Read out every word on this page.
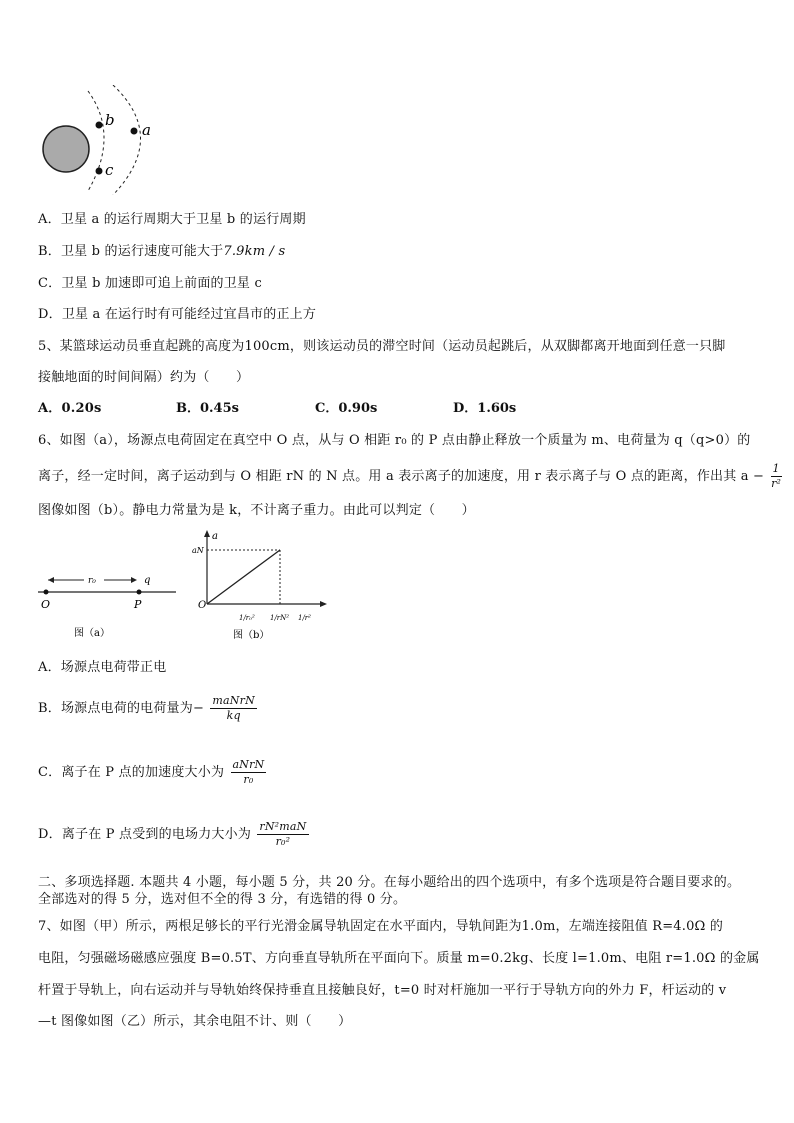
b
c
a
A．卫星 a 的运行周期大于卫星 b 的运行周期
B．卫星 b 的运行速度可能大于7.9km / s
C．卫星 b 加速即可追上前面的卫星 c
D．卫星 a 在运行时有可能经过宜昌市的正上方
5、某篮球运动员垂直起跳的高度为100cm，则该运动员的滞空时间（运动员起跳后，从双脚都离开地面到任意一只脚
接触地面的时间间隔）约为（　　）
A．0.20s	B．0.45s	C．0.90s	D．1.60s
6、如图（a），场源点电荷固定在真空中 O 点，从与 O 相距 r₀ 的 P 点由静止释放一个质量为 m、电荷量为 q（q>0）的
离子，经一定时间，离子运动到与 O 相距 rN 的 N 点。用 a 表示离子的加速度，用 r 表示离子与 O 点的距离，作出其 $a - \frac{1}{\text{r²}}$
图像如图（b）。静电力常量为是 k，不计离子重力。由此可以判定（　　）
r₀	q
O	P
图（a）
a
aN
O
1/r₀² 1/rN² 1/r²
图（b）
A．场源点电荷带正电
B．场源点电荷的电荷量为− $\frac{\text{maNrN}}{kq}$
C．离子在 P 点的加速度大小为 $\frac{\text{aNrN}}{\text{r₀}}$
D．离子在 P 点受到的电场力大小为 $\frac{\text{rN²maN}}{\text{r₀²}}$
二、多项选择题. 本题共 4 小题，每小题 5 分，共 20 分。在每小题给出的四个选项中，有多个选项是符合题目要求的。
全部选对的得 5 分，选对但不全的得 3 分，有选错的得 0 分。
7、如图（甲）所示，两根足够长的平行光滑金属导轨固定在水平面内，导轨间距为1.0m，左端连接阻值 R=4.0Ω 的
电阻，匀强磁场磁感应强度 B=0.5T、方向垂直导轨所在平面向下。质量 m=0.2kg、长度 l=1.0m、电阻 r=1.0Ω 的金属
杆置于导轨上，向右运动并与导轨始终保持垂直且接触良好，t=0 时对杆施加一平行于导轨方向的外力 F，杆运动的 v
—t 图像如图（乙）所示，其余电阻不计、则（　　）
